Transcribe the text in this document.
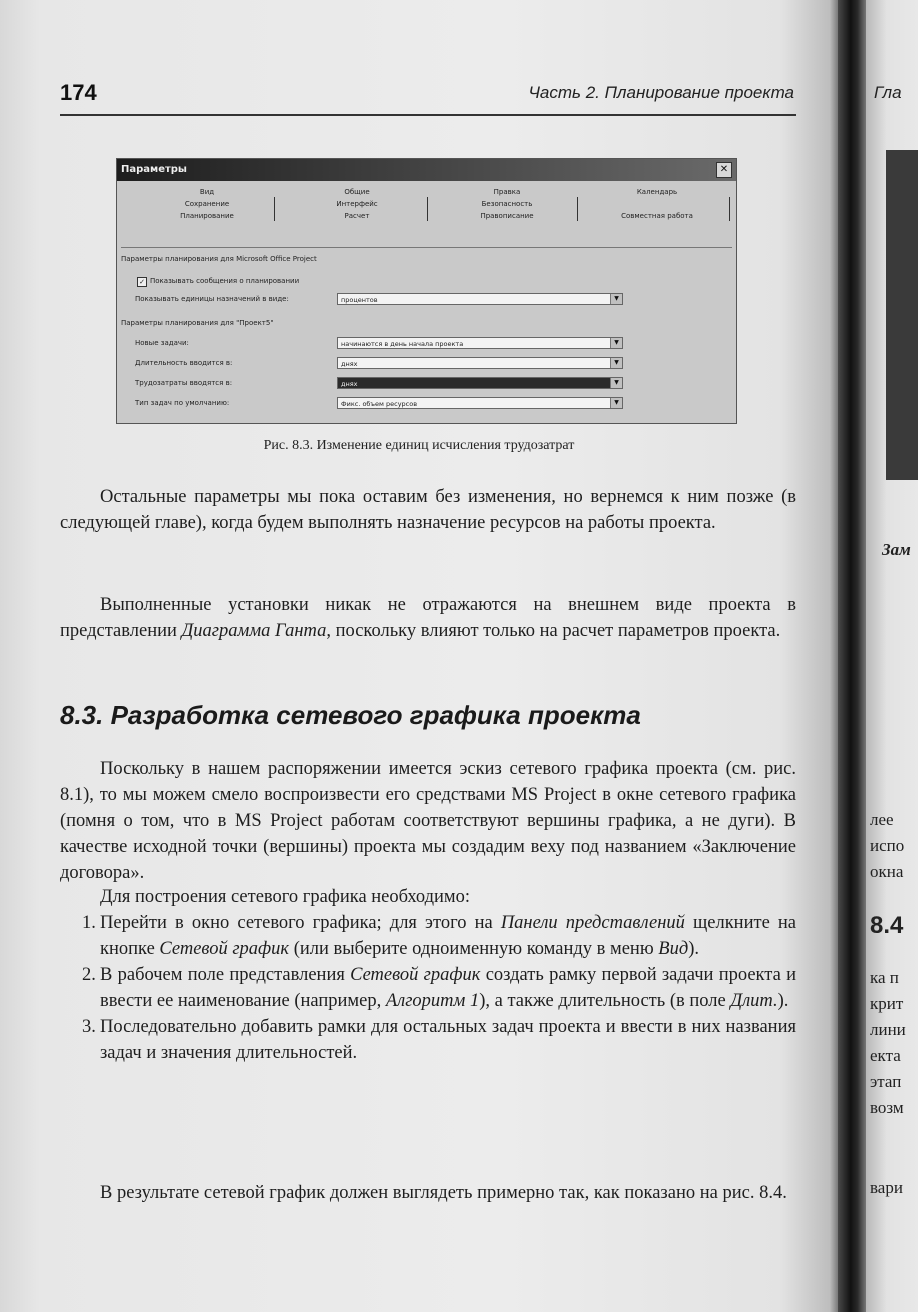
174	Часть 2. Планирование проекта
Параметры	✕
Вид	Общие	Правка	Календарь
Сохранение	Интерфейс	Безопасность
Планирование	Расчет	Правописание	Совместная работа
Параметры планирования для Microsoft Office Project
✓ Показывать сообщения о планировании
Показывать единицы назначений в виде:	процентов	▼
Параметры планирования для "Проект5"
Новые задачи:	начинаются в день начала проекта	▼
Длительность вводится в:	днях	▼
Трудозатраты вводятся в:	днях	▼
Тип задач по умолчанию:	Фикс. объем ресурсов	▼
Рис. 8.3. Изменение единиц исчисления трудозатрат
Остальные параметры мы пока оставим без изменения, но вернемся к ним позже (в следующей главе), когда будем выполнять назначение ресурсов на работы проекта.
Выполненные установки никак не отражаются на внешнем виде проекта в представлении Диаграмма Ганта, поскольку влияют только на расчет параметров проекта.
8.3. Разработка сетевого графика проекта
Поскольку в нашем распоряжении имеется эскиз сетевого графика проекта (см. рис. 8.1), то мы можем смело воспроизвести его средствами MS Project в окне сетевого графика (помня о том, что в MS Project работам соответствуют вершины графика, а не дуги). В качестве исходной точки (вершины) проекта мы создадим веху под названием «Заключение договора».
Для построения сетевого графика необходимо:
1. Перейти в окно сетевого графика; для этого на Панели представлений щелкните на кнопке Сетевой график (или выберите одноименную команду в меню Вид).
2. В рабочем поле представления Сетевой график создать рамку первой задачи проекта и ввести ее наименование (например, Алгоритм 1), а также длительность (в поле Длит.).
3. Последовательно добавить рамки для остальных задач проекта и ввести в них названия задач и значения длительностей.
В результате сетевой график должен выглядеть примерно так, как показано на рис. 8.4.
Гла
Зам
лее
испо
окна
8.4
ка п
крит
лини
екта
этап
возм
вари
